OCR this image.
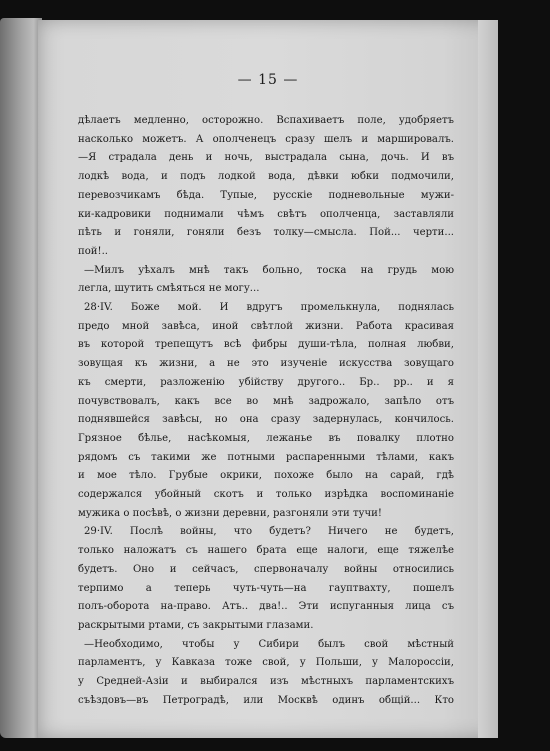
— 15 —
дѣлаетъ медленно, осторожно. Вспахиваетъ поле, удобряетъ
насколько можетъ. А ополченецъ сразу шелъ и маршировалъ.
—Я страдала день и ночь, выстрадала сына, дочь. И въ
лодкѣ вода, и подъ лодкой вода, дѣвки юбки подмочили,
перевозчикамъ бѣда. Тупые, русскіе подневольные мужи-
ки-кадровики поднимали чѣмъ свѣтъ ополченца, заставляли
пѣть и гоняли, гоняли безъ толку—смысла. Пой... черти...
пой!..
—Милъ уѣхалъ мнѣ такъ больно, тоска на грудь мою
легла, шутить смѣяться не могу...
28·IV. Боже мой. И вдругъ промелькнула, поднялась
предо мной завѣса, иной свѣтлой жизни. Работа красивая
въ которой трепещутъ всѣ фибры души-тѣла, полная любви,
зовущая къ жизни, а не это изученіе искусства зовущаго
къ смерти, разложенію убійству другого.. Бр.. рр.. и я
почувствовалъ, какъ все во мнѣ задрожало, запѣло отъ
поднявшейся завѣсы, но она сразу задернулась, кончилось.
Грязное бѣлье, насѣкомыя, лежанье въ повалку плотно
рядомъ съ такими же потными распаренными тѣлами, какъ
и мое тѣло. Грубые окрики, похоже было на сарай, гдѣ
содержался убойный скотъ и только изрѣдка воспоминаніе
мужика о посѣвѣ, о жизни деревни, разгоняли эти тучи!
29·IV. Послѣ войны, что будетъ? Ничего не будетъ,
только наложатъ съ нашего брата еще налоги, еще тяжелѣе
будетъ. Оно и сейчасъ, спервоначалу войны относились
терпимо а теперь чуть-чуть—на гауптвахту, пошелъ
полъ-оборота на-право. Атъ.. два!.. Эти испуганныя лица съ
раскрытыми ртами, съ закрытыми глазами.
—Необходимо, чтобы у Сибири былъ свой мѣстный
парламентъ, у Кавказа тоже свой, у Польши, у Малороссіи,
у Средней-Азіи и выбирался изъ мѣстныхъ парламентскихъ
съѣздовъ—въ Петроградѣ, или Москвѣ одинъ общій... Кто
